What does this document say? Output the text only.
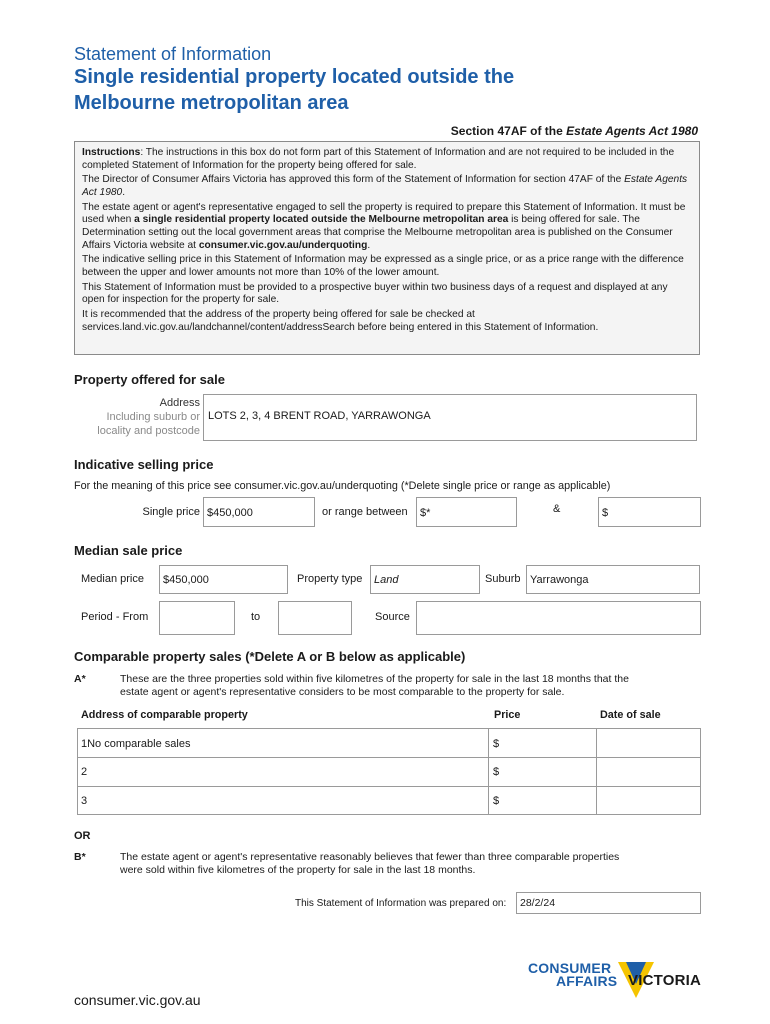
Statement of Information
Single residential property located outside the
Melbourne metropolitan area
Section 47AF of the Estate Agents Act 1980

Instructions: The instructions in this box do not form part of this Statement of Information and are not required to be included in the completed Statement of Information for the property being offered for sale.

The Director of Consumer Affairs Victoria has approved this form of the Statement of Information for section 47AF of the Estate Agents Act 1980.

The estate agent or agent's representative engaged to sell the property is required to prepare this Statement of Information. It must be used when a single residential property located outside the Melbourne metropolitan area is being offered for sale. The Determination setting out the local government areas that comprise the Melbourne metropolitan area is published on the Consumer Affairs Victoria website at consumer.vic.gov.au/underquoting.

The indicative selling price in this Statement of Information may be expressed as a single price, or as a price range with the difference between the upper and lower amounts not more than 10% of the lower amount.

This Statement of Information must be provided to a prospective buyer within two business days of a request and displayed at any open for inspection for the property for sale.

It is recommended that the address of the property being offered for sale be checked at services.land.vic.gov.au/landchannel/content/addressSearch before being entered in this Statement of Information.

Property offered for sale
Address
Including suburb or
locality and postcode
LOTS 2, 3, 4 BRENT ROAD, YARRAWONGA
Indicative selling price
For the meaning of this price see consumer.vic.gov.au/underquoting (*Delete single price or range as applicable)
Single price $450,000	or range between $*	&	$
Median sale price
Median price $450,000	Property type Land	Suburb Yarrawonga
Period - From	to	Source
Comparable property sales (*Delete A or B below as applicable)
A*	These are the three properties sold within five kilometres of the property for sale in the last 18 months that the
estate agent or agent's representative considers to be most comparable to the property for sale.
Address of comparable property	Price	Date of sale
1No comparable sales	$
2	$
3	$
OR
B*	The estate agent or agent's representative reasonably believes that fewer than three comparable properties
were sold within five kilometres of the property for sale in the last 18 months.
This Statement of Information was prepared on: 28/2/24
consumer.vic.gov.au
CONSUMER
AFFAIRS VICTORIA
